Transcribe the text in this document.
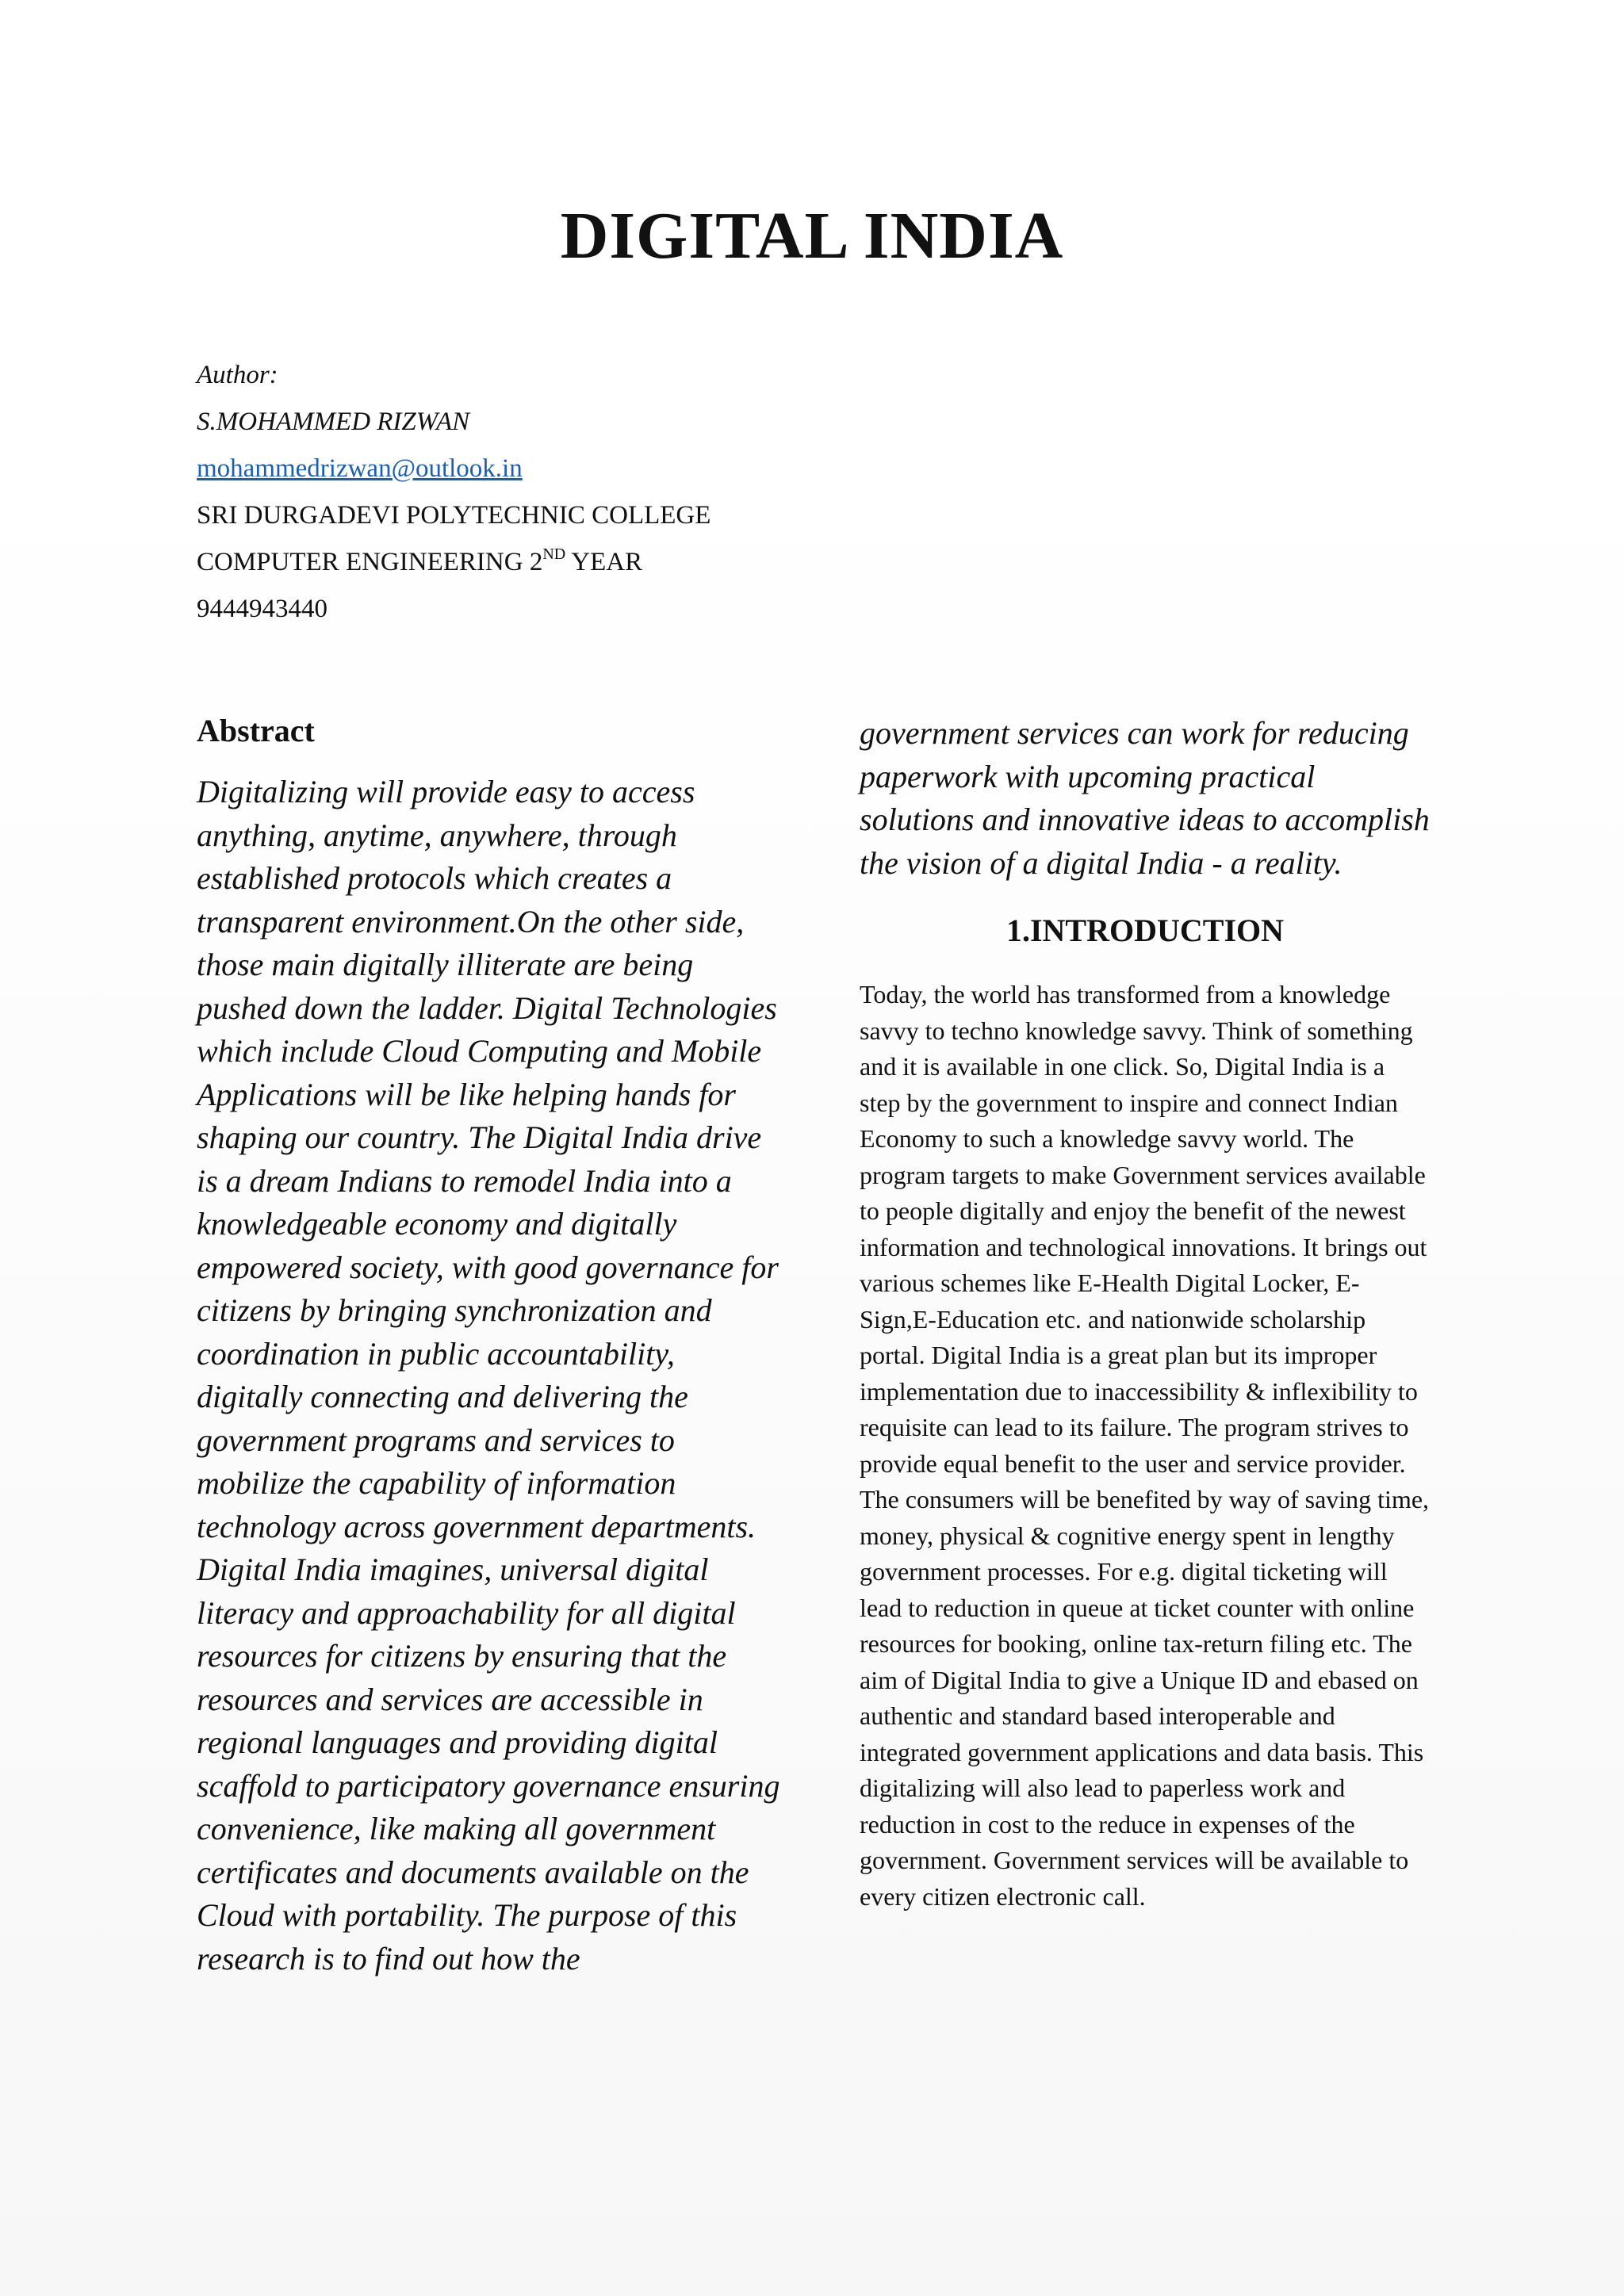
DIGITAL INDIA
Author:
S.MOHAMMED RIZWAN
mohammedrizwan@outlook.in
SRI DURGADEVI POLYTECHNIC COLLEGE
COMPUTER ENGINEERING 2ND YEAR
9444943440
Abstract

Digitalizing will provide easy to access anything, anytime, anywhere, through established protocols which creates a transparent environment.On the other side, those main digitally illiterate are being pushed down the ladder. Digital Technologies which include Cloud Computing and Mobile Applications will be like helping hands for shaping our country. The Digital India drive is a dream Indians to remodel India into a knowledgeable economy and digitally empowered society, with good governance for citizens by bringing synchronization and coordination in public accountability, digitally connecting and delivering the government programs and services to mobilize the capability of information technology across government departments. Digital India imagines, universal digital literacy and approachability for all digital resources for citizens by ensuring that the resources and services are accessible in regional languages and providing digital scaffold to participatory governance ensuring convenience, like making all government certificates and documents available on the Cloud with portability. The purpose of this research is to find out how the

government services can work for reducing paperwork with upcoming practical solutions and innovative ideas to accomplish the vision of a digital India - a reality.

1.INTRODUCTION

Today, the world has transformed from a knowledge savvy to techno knowledge savvy. Think of something and it is available in one click. So, Digital India is a step by the government to inspire and connect Indian Economy to such a knowledge savvy world. The program targets to make Government services available to people digitally and enjoy the benefit of the newest information and technological innovations. It brings out various schemes like E-Health Digital Locker, E-Sign,E-Education etc. and nationwide scholarship portal. Digital India is a great plan but its improper implementation due to inaccessibility & inflexibility to requisite can lead to its failure. The program strives to provide equal benefit to the user and service provider. The consumers will be benefited by way of saving time, money, physical & cognitive energy spent in lengthy government processes. For e.g. digital ticketing will lead to reduction in queue at ticket counter with online resources for booking, online tax-return filing etc. The aim of Digital India to give a Unique ID and ebased on authentic and standard based interoperable and integrated government applications and data basis. This digitalizing will also lead to paperless work and reduction in cost to the reduce in expenses of the government. Government services will be available to every citizen electronic call.
